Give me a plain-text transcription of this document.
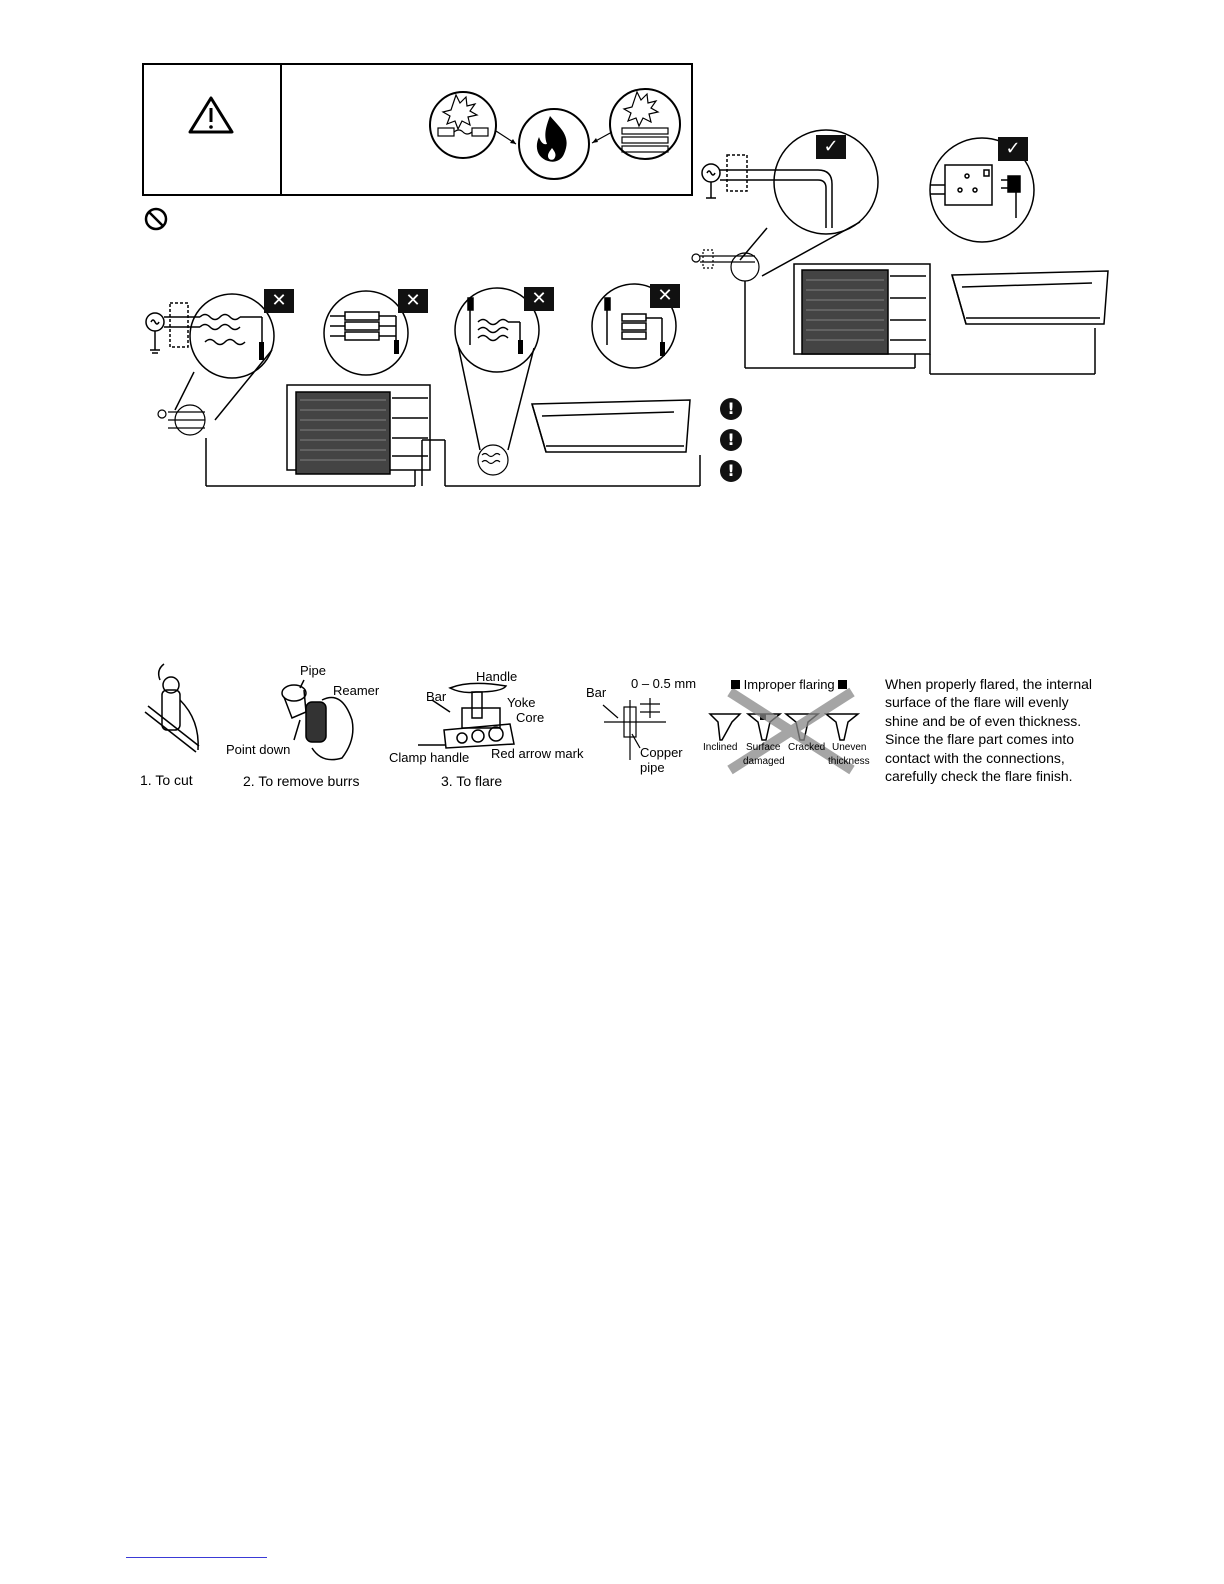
✕	✕	✕	✕
✓	✓
!
!
!
Pipe
Reamer
Point down
Handle
Bar	Yoke
Core
Clamp handle Red arrow mark
Bar
0 – 0.5 mm
Copper
pipe
Improper flaring
Inclined Surface
damaged
Cracked Uneven
thickness
1. To cut	2. To remove burrs	3. To flare
When properly flared, the internal
surface of the flare will evenly
shine and be of even thickness.
Since the flare part comes into
contact with the connections,
carefully check the flare finish.
